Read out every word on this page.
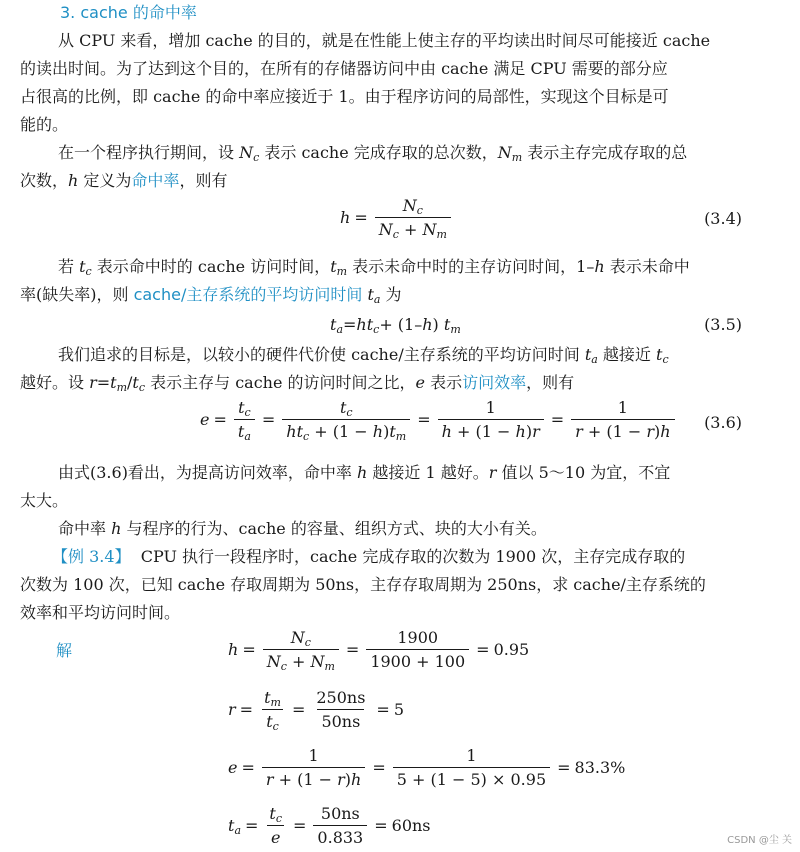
3. cache 的命中率
从 CPU 来看，增加 cache 的目的，就是在性能上使主存的平均读出时间尽可能接近 cache
的读出时间。为了达到这个目的，在所有的存储器访问中由 cache 满足 CPU 需要的部分应
占很高的比例，即 cache 的命中率应接近于 1。由于程序访问的局部性，实现这个目标是可
能的。
在一个程序执行期间，设 $N_c$ 表示 cache 完成存取的总次数，$N_m$ 表示主存完成存取的总
次数，h 定义为命中率，则有
$h = \frac{N_c}{N_c + N_m}$	(3.4)
若 $t_c$ 表示命中时的 cache 访问时间，$t_m$ 表示未命中时的主存访问时间，1–h 表示未命中
率(缺失率)，则 cache/主存系统的平均访问时间 $t_a$ 为
$t_a=ht_c+ (1-h)$ $t_m$	(3.5)
我们追求的目标是，以较小的硬件代价使 cache/主存系统的平均访问时间 $t_a$ 越接近 $t_c$
越好。设 $r=t_m/t_c$ 表示主存与 cache 的访问时间之比，e 表示访问效率，则有
$e = \frac{t_c}{t_a} = \frac{t_c}{ht_c + (1 - h)t_m} = \frac{1}{h + (1 - h)r} = \frac{1}{r + (1 - r)h} (3.6)$
由式(3.6)看出，为提高访问效率，命中率 h 越接近 1 越好。r 值以 5～10 为宜，不宜
太大。
命中率 h 与程序的行为、cache 的容量、组织方式、块的大小有关。
【例 3.4】 CPU 执行一段程序时，cache 完成存取的次数为 1900 次，主存完成存取的
次数为 100 次，已知 cache 存取周期为 50ns，主存存取周期为 250ns，求 cache/主存系统的
效率和平均访问时间。
解	$h = \frac{N_c}{N_c + N_m} = \frac{1900}{1900 + 100} = 0.95$
$r = \frac{t_m}{t_c} = \frac{250ns}{50ns} = 5$
$e = \frac{1}{r + (1 - r)h} = \frac{1}{5 + (1 - 5) \times 0.95} = 83.3\%$
$t_a = \frac{t_c}{e} = \frac{50ns}{0.833} = 60ns$
CSDN @尘 关
